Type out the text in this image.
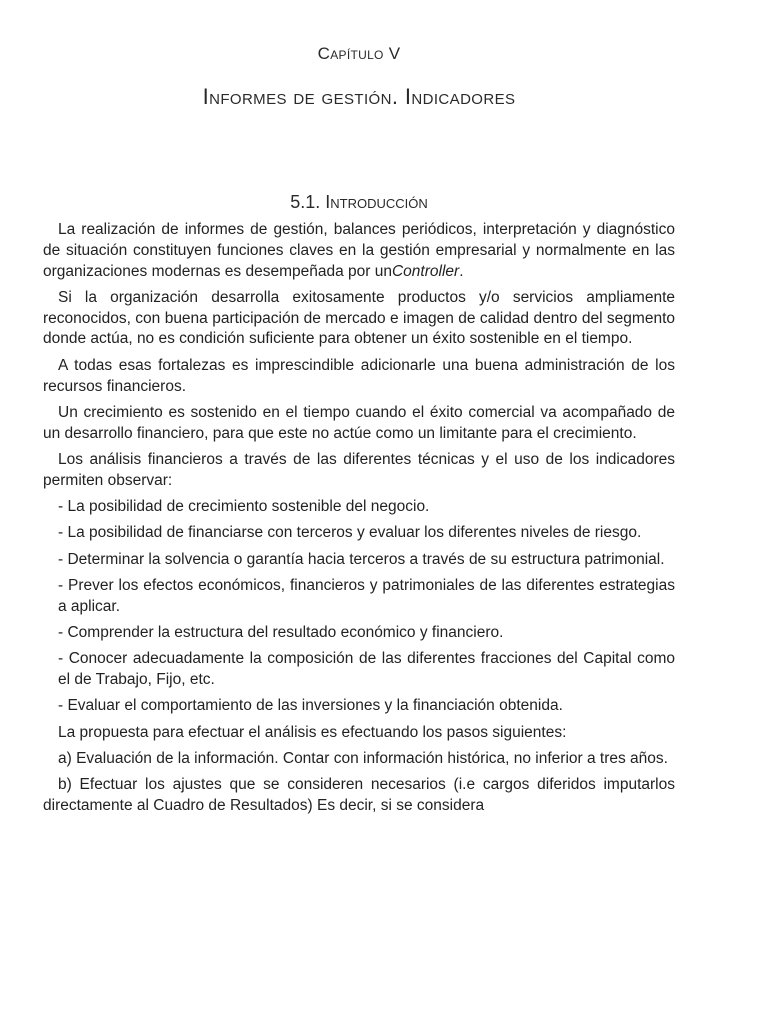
Capítulo V
Informes de gestión. Indicadores
5.1. Introducción

La realización de informes de gestión, balances periódicos, interpretación y diagnóstico de situación constituyen funciones claves en la gestión empresarial y normalmente en las organizaciones modernas es desempeñada por unController.

Si la organización desarrolla exitosamente productos y/o servicios ampliamente reconocidos, con buena participación de mercado e imagen de calidad dentro del segmento donde actúa, no es condición suficiente para obtener un éxito sostenible en el tiempo.

A todas esas fortalezas es imprescindible adicionarle una buena administración de los recursos financieros.

Un crecimiento es sostenido en el tiempo cuando el éxito comercial va acompañado de un desarrollo financiero, para que este no actúe como un limitante para el crecimiento.

Los análisis financieros a través de las diferentes técnicas y el uso de los indicadores permiten observar:

- La posibilidad de crecimiento sostenible del negocio.

- La posibilidad de financiarse con terceros y evaluar los diferentes niveles de riesgo.

- Determinar la solvencia o garantía hacia terceros a través de su estructura patrimonial.

- Prever los efectos económicos, financieros y patrimoniales de las diferentes estrategias a aplicar.

- Comprender la estructura del resultado económico y financiero.

- Conocer adecuadamente la composición de las diferentes fracciones del Capital como el de Trabajo, Fijo, etc.

- Evaluar el comportamiento de las inversiones y la financiación obtenida.

La propuesta para efectuar el análisis es efectuando los pasos siguientes:

a) Evaluación de la información. Contar con información histórica, no inferior a tres años.

b) Efectuar los ajustes que se consideren necesarios (i.e cargos diferidos imputarlos directamente al Cuadro de Resultados) Es decir, si se considera
